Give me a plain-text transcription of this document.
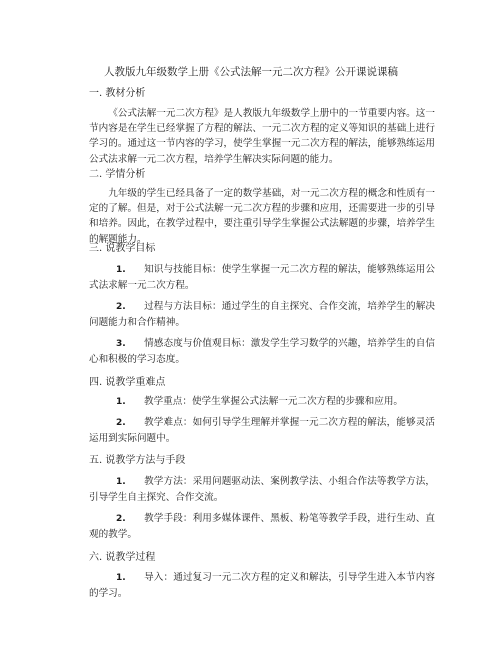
人教版九年级数学上册《公式法解一元二次方程》公开课说课稿
一. 教材分析
《公式法解一元二次方程》是人教版九年级数学上册中的一节重要内容。这一节内容是在学生已经掌握了方程的解法、一元二次方程的定义等知识的基础上进行学习的。通过这一节内容的学习，使学生掌握一元二次方程的解法，能够熟练运用公式法求解一元二次方程，培养学生解决实际问题的能力。
二. 学情分析
九年级的学生已经具备了一定的数学基础，对一元二次方程的概念和性质有一定的了解。但是，对于公式法解一元二次方程的步骤和应用，还需要进一步的引导和培养。因此，在教学过程中，要注重引导学生掌握公式法解题的步骤，培养学生的解题能力。
三. 说教学目标
1. 知识与技能目标：使学生掌握一元二次方程的解法，能够熟练运用公式法求解一元二次方程。
2. 过程与方法目标：通过学生的自主探究、合作交流，培养学生的解决问题能力和合作精神。
3. 情感态度与价值观目标：激发学生学习数学的兴趣，培养学生的自信心和积极的学习态度。
四. 说教学重难点
1. 教学重点：使学生掌握公式法解一元二次方程的步骤和应用。
2. 教学难点：如何引导学生理解并掌握一元二次方程的解法，能够灵活运用到实际问题中。
五. 说教学方法与手段
1. 教学方法：采用问题驱动法、案例教学法、小组合作法等教学方法，引导学生自主探究、合作交流。
2. 教学手段：利用多媒体课件、黑板、粉笔等教学手段，进行生动、直观的教学。
六. 说教学过程
1. 导入：通过复习一元二次方程的定义和解法，引导学生进入本节内容的学习。
